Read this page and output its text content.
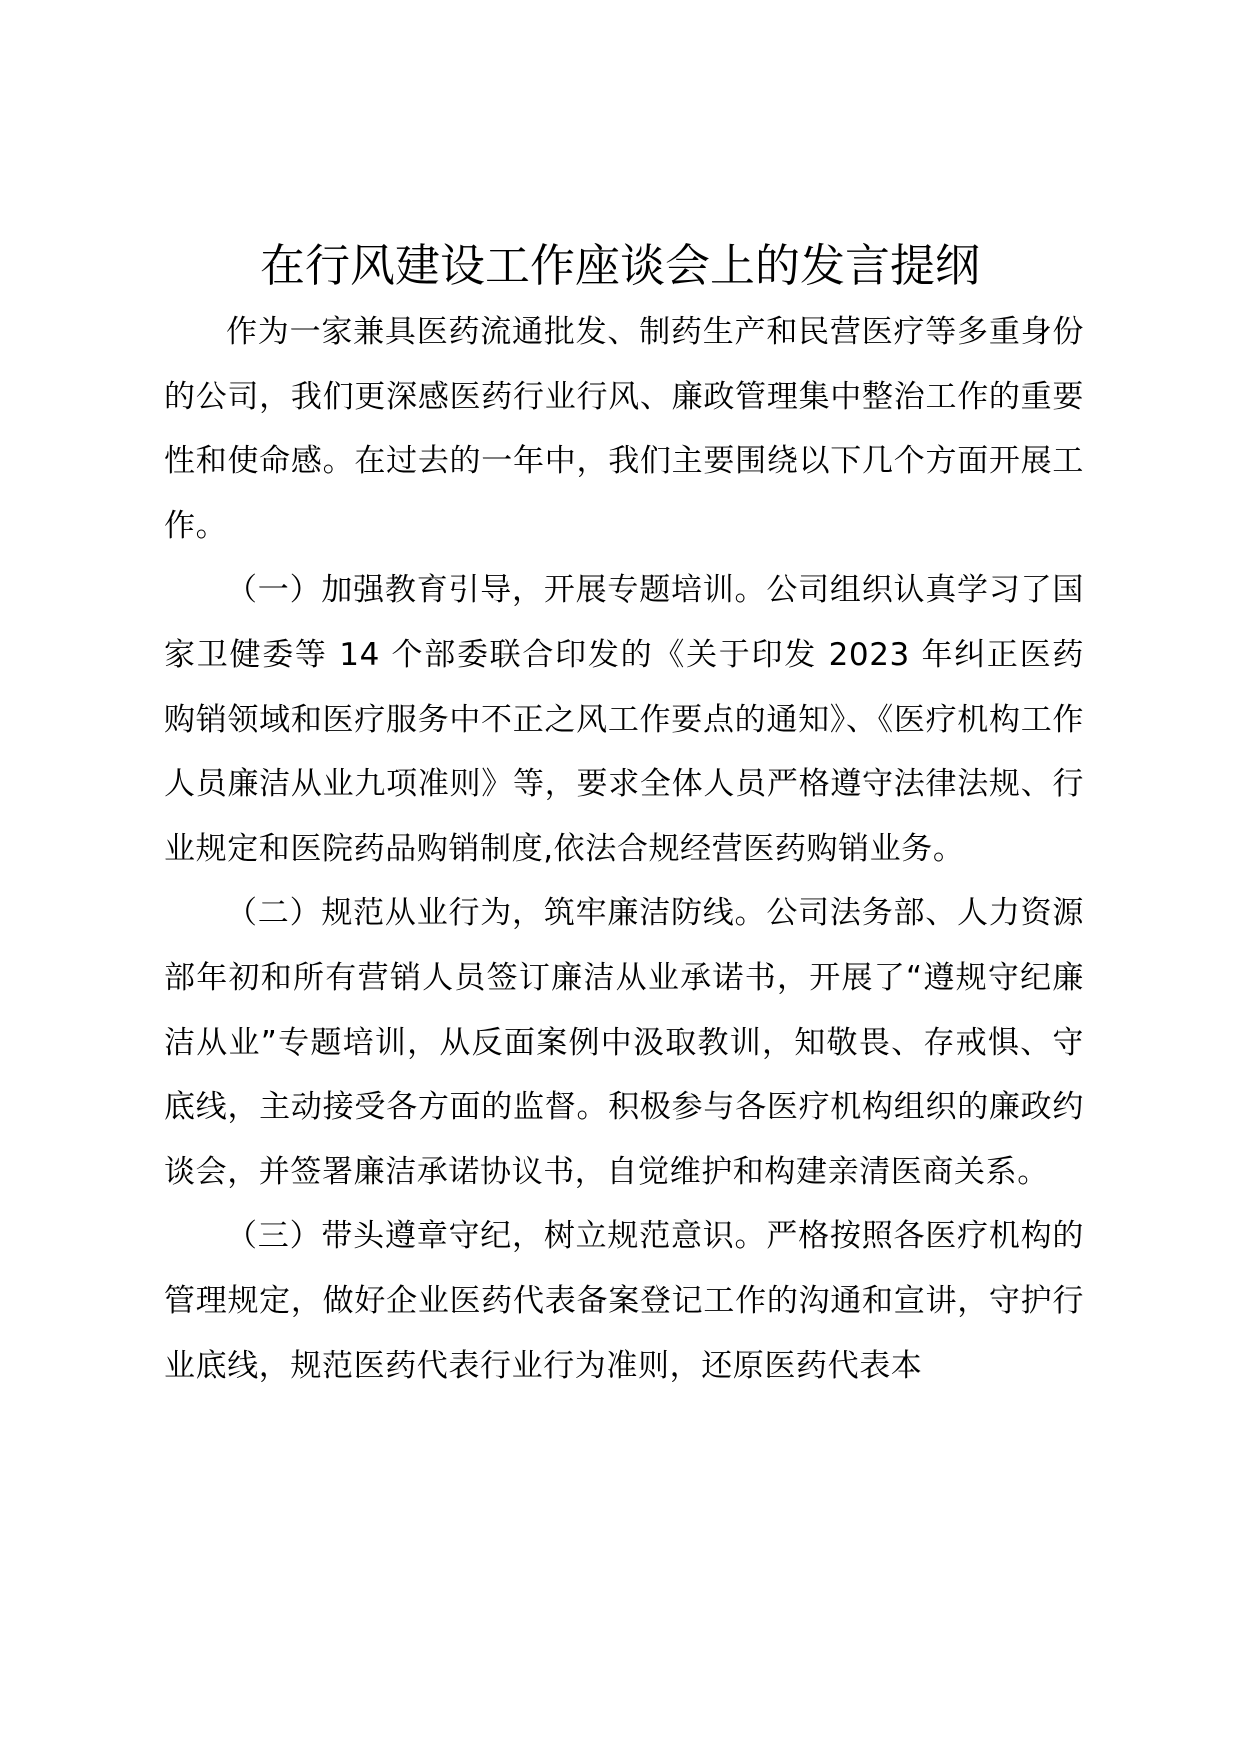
在行风建设工作座谈会上的发言提纲

作为一家兼具医药流通批发、制药生产和民营医疗等多重身份的公司，我们更深感医药行业行风、廉政管理集中整治工作的重要性和使命感。在过去的一年中，我们主要围绕以下几个方面开展工作。

（一）加强教育引导，开展专题培训。公司组织认真学习了国家卫健委等 14 个部委联合印发的《关于印发 2023 年纠正医药购销领域和医疗服务中不正之风工作要点的通知》、《医疗机构工作人员廉洁从业九项准则》等，要求全体人员严格遵守法律法规、行业规定和医院药品购销制度,依法合规经营医药购销业务。

（二）规范从业行为，筑牢廉洁防线。公司法务部、人力资源部年初和所有营销人员签订廉洁从业承诺书，开展了“遵规守纪廉洁从业”专题培训，从反面案例中汲取教训，知敬畏、存戒惧、守底线，主动接受各方面的监督。积极参与各医疗机构组织的廉政约谈会，并签署廉洁承诺协议书，自觉维护和构建亲清医商关系。

（三）带头遵章守纪，树立规范意识。严格按照各医疗机构的管理规定，做好企业医药代表备案登记工作的沟通和宣讲，守护行业底线，规范医药代表行业行为准则，还原医药代表本
